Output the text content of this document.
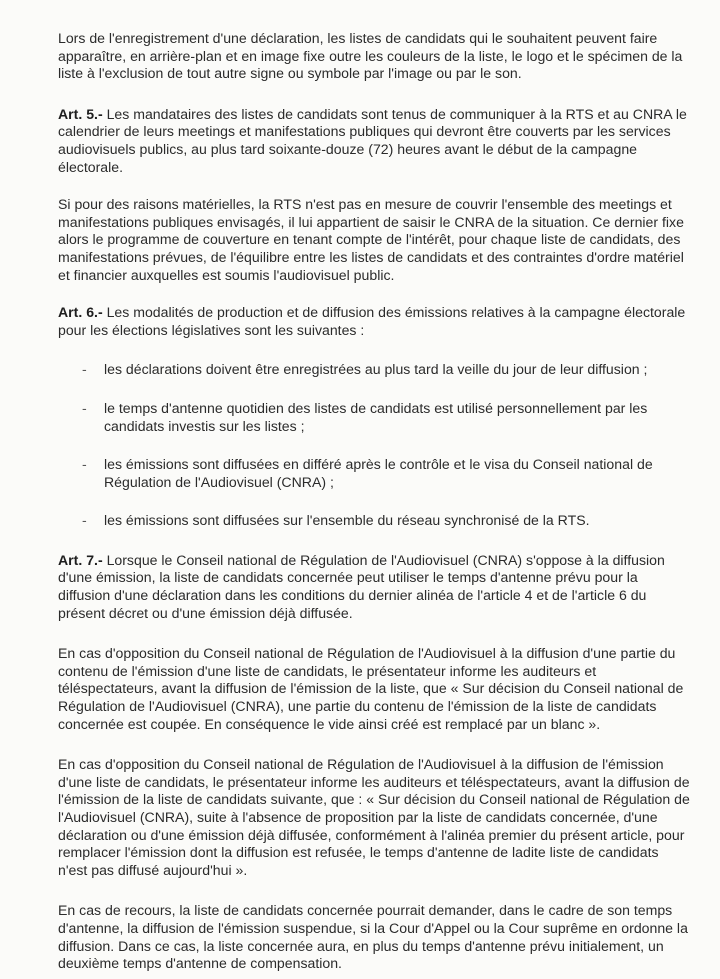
Lors de l'enregistrement d'une déclaration, les listes de candidats qui le souhaitent peuvent faire apparaître, en arrière-plan et en image fixe outre les couleurs de la liste, le logo et le spécimen de la liste à l'exclusion de tout autre signe ou symbole par l'image ou par le son.

Art. 5.- Les mandataires des listes de candidats sont tenus de communiquer à la RTS et au CNRA le calendrier de leurs meetings et manifestations publiques qui devront être couverts par les services audiovisuels publics, au plus tard soixante-douze (72) heures avant le début de la campagne électorale.

Si pour des raisons matérielles, la RTS n'est pas en mesure de couvrir l'ensemble des meetings et manifestations publiques envisagés, il lui appartient de saisir le CNRA de la situation. Ce dernier fixe alors le programme de couverture en tenant compte de l'intérêt, pour chaque liste de candidats, des manifestations prévues, de l'équilibre entre les listes de candidats et des contraintes d'ordre matériel et financier auxquelles est soumis l'audiovisuel public.

Art. 6.- Les modalités de production et de diffusion des émissions relatives à la campagne électorale pour les élections législatives sont les suivantes :

- les déclarations doivent être enregistrées au plus tard la veille du jour de leur diffusion ;
- le temps d'antenne quotidien des listes de candidats est utilisé personnellement par les candidats investis sur les listes ;
- les émissions sont diffusées en différé après le contrôle et le visa du Conseil national de Régulation de l'Audiovisuel (CNRA) ;
- les émissions sont diffusées sur l'ensemble du réseau synchronisé de la RTS.

Art. 7.- Lorsque le Conseil national de Régulation de l'Audiovisuel (CNRA) s'oppose à la diffusion d'une émission, la liste de candidats concernée peut utiliser le temps d'antenne prévu pour la diffusion d'une déclaration dans les conditions du dernier alinéa de l'article 4 et de l'article 6 du présent décret ou d'une émission déjà diffusée.

En cas d'opposition du Conseil national de Régulation de l'Audiovisuel à la diffusion d'une partie du contenu de l'émission d'une liste de candidats, le présentateur informe les auditeurs et téléspectateurs, avant la diffusion de l'émission de la liste, que « Sur décision du Conseil national de Régulation de l'Audiovisuel (CNRA), une partie du contenu de l'émission de la liste de candidats concernée est coupée. En conséquence le vide ainsi créé est remplacé par un blanc ».

En cas d'opposition du Conseil national de Régulation de l'Audiovisuel à la diffusion de l'émission d'une liste de candidats, le présentateur informe les auditeurs et téléspectateurs, avant la diffusion de l'émission de la liste de candidats suivante, que : « Sur décision du Conseil national de Régulation de l'Audiovisuel (CNRA), suite à l'absence de proposition par la liste de candidats concernée, d'une déclaration ou d'une émission déjà diffusée, conformément à l'alinéa premier du présent article, pour remplacer l'émission dont la diffusion est refusée, le temps d'antenne de ladite liste de candidats n'est pas diffusé aujourd'hui ».

En cas de recours, la liste de candidats concernée pourrait demander, dans le cadre de son temps d'antenne, la diffusion de l'émission suspendue, si la Cour d'Appel ou la Cour suprême en ordonne la diffusion. Dans ce cas, la liste concernée aura, en plus du temps d'antenne prévu initialement, un deuxième temps d'antenne de compensation.
